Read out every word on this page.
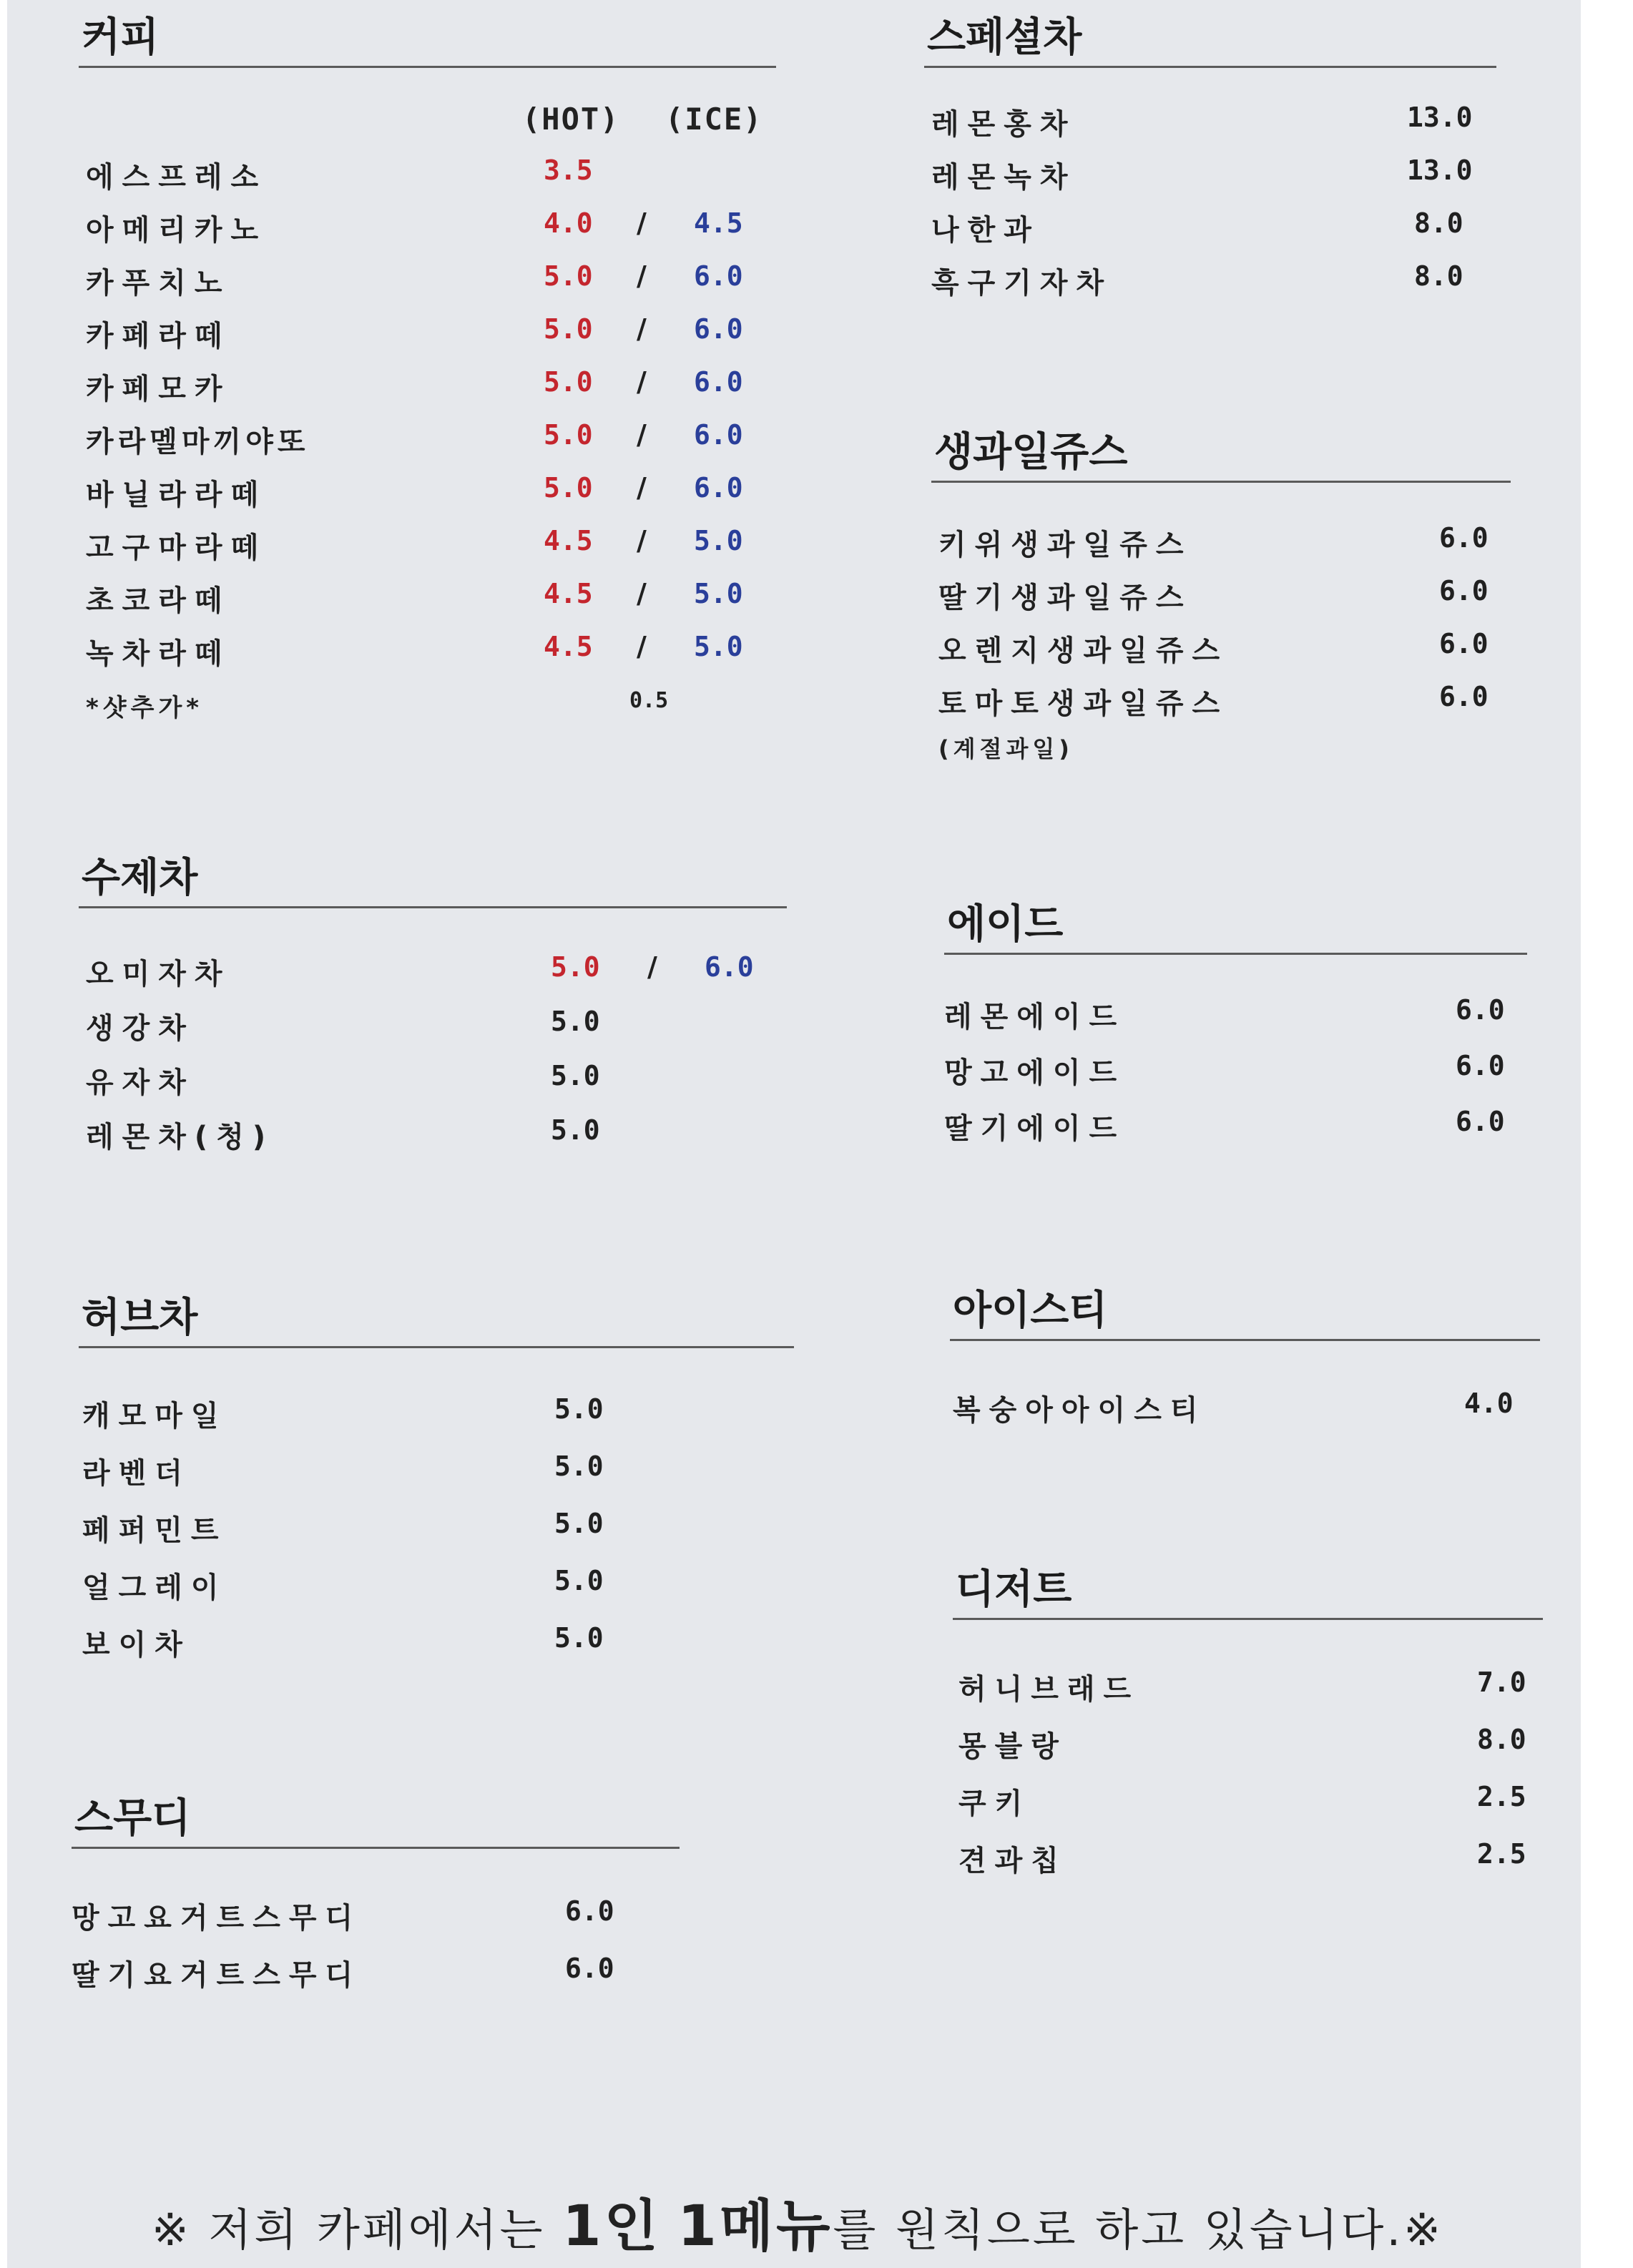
커피
(HOT) (ICE)
에스프레소	3.5
아메리카노	4.0 / 4.5
카푸치노	5.0 / 6.0
카페라떼	5.0 / 6.0
카페모카	5.0 / 6.0
카라멜마끼야또	5.0 / 6.0
바닐라라떼	5.0 / 6.0
고구마라떼	4.5 / 5.0
초코라떼	4.5 / 5.0
녹차라떼	4.5 / 5.0
*샷추가*	0.5
수제차
오미자차	5.0 / 6.0
생강차	5.0
유자차	5.0
레몬차(청)	5.0
허브차
캐모마일	5.0
라벤더	5.0
페퍼민트	5.0
얼그레이	5.0
보이차	5.0
스무디
망고요거트스무디	6.0
딸기요거트스무디	6.0
스페셜차
레몬홍차	13.0
레몬녹차	13.0
나한과	8.0
흑구기자차	8.0
생과일쥬스
키위생과일쥬스	6.0
딸기생과일쥬스	6.0
오렌지생과일쥬스	6.0
토마토생과일쥬스	6.0
(계절과일)
에이드
레몬에이드	6.0
망고에이드	6.0
딸기에이드	6.0
아이스티
복숭아아이스티	4.0
디저트
허니브래드	7.0
몽블랑	8.0
쿠키	2.5
견과칩	2.5
※ 저희 카페에서는 1인 1메뉴를 원칙으로 하고 있습니다.※
